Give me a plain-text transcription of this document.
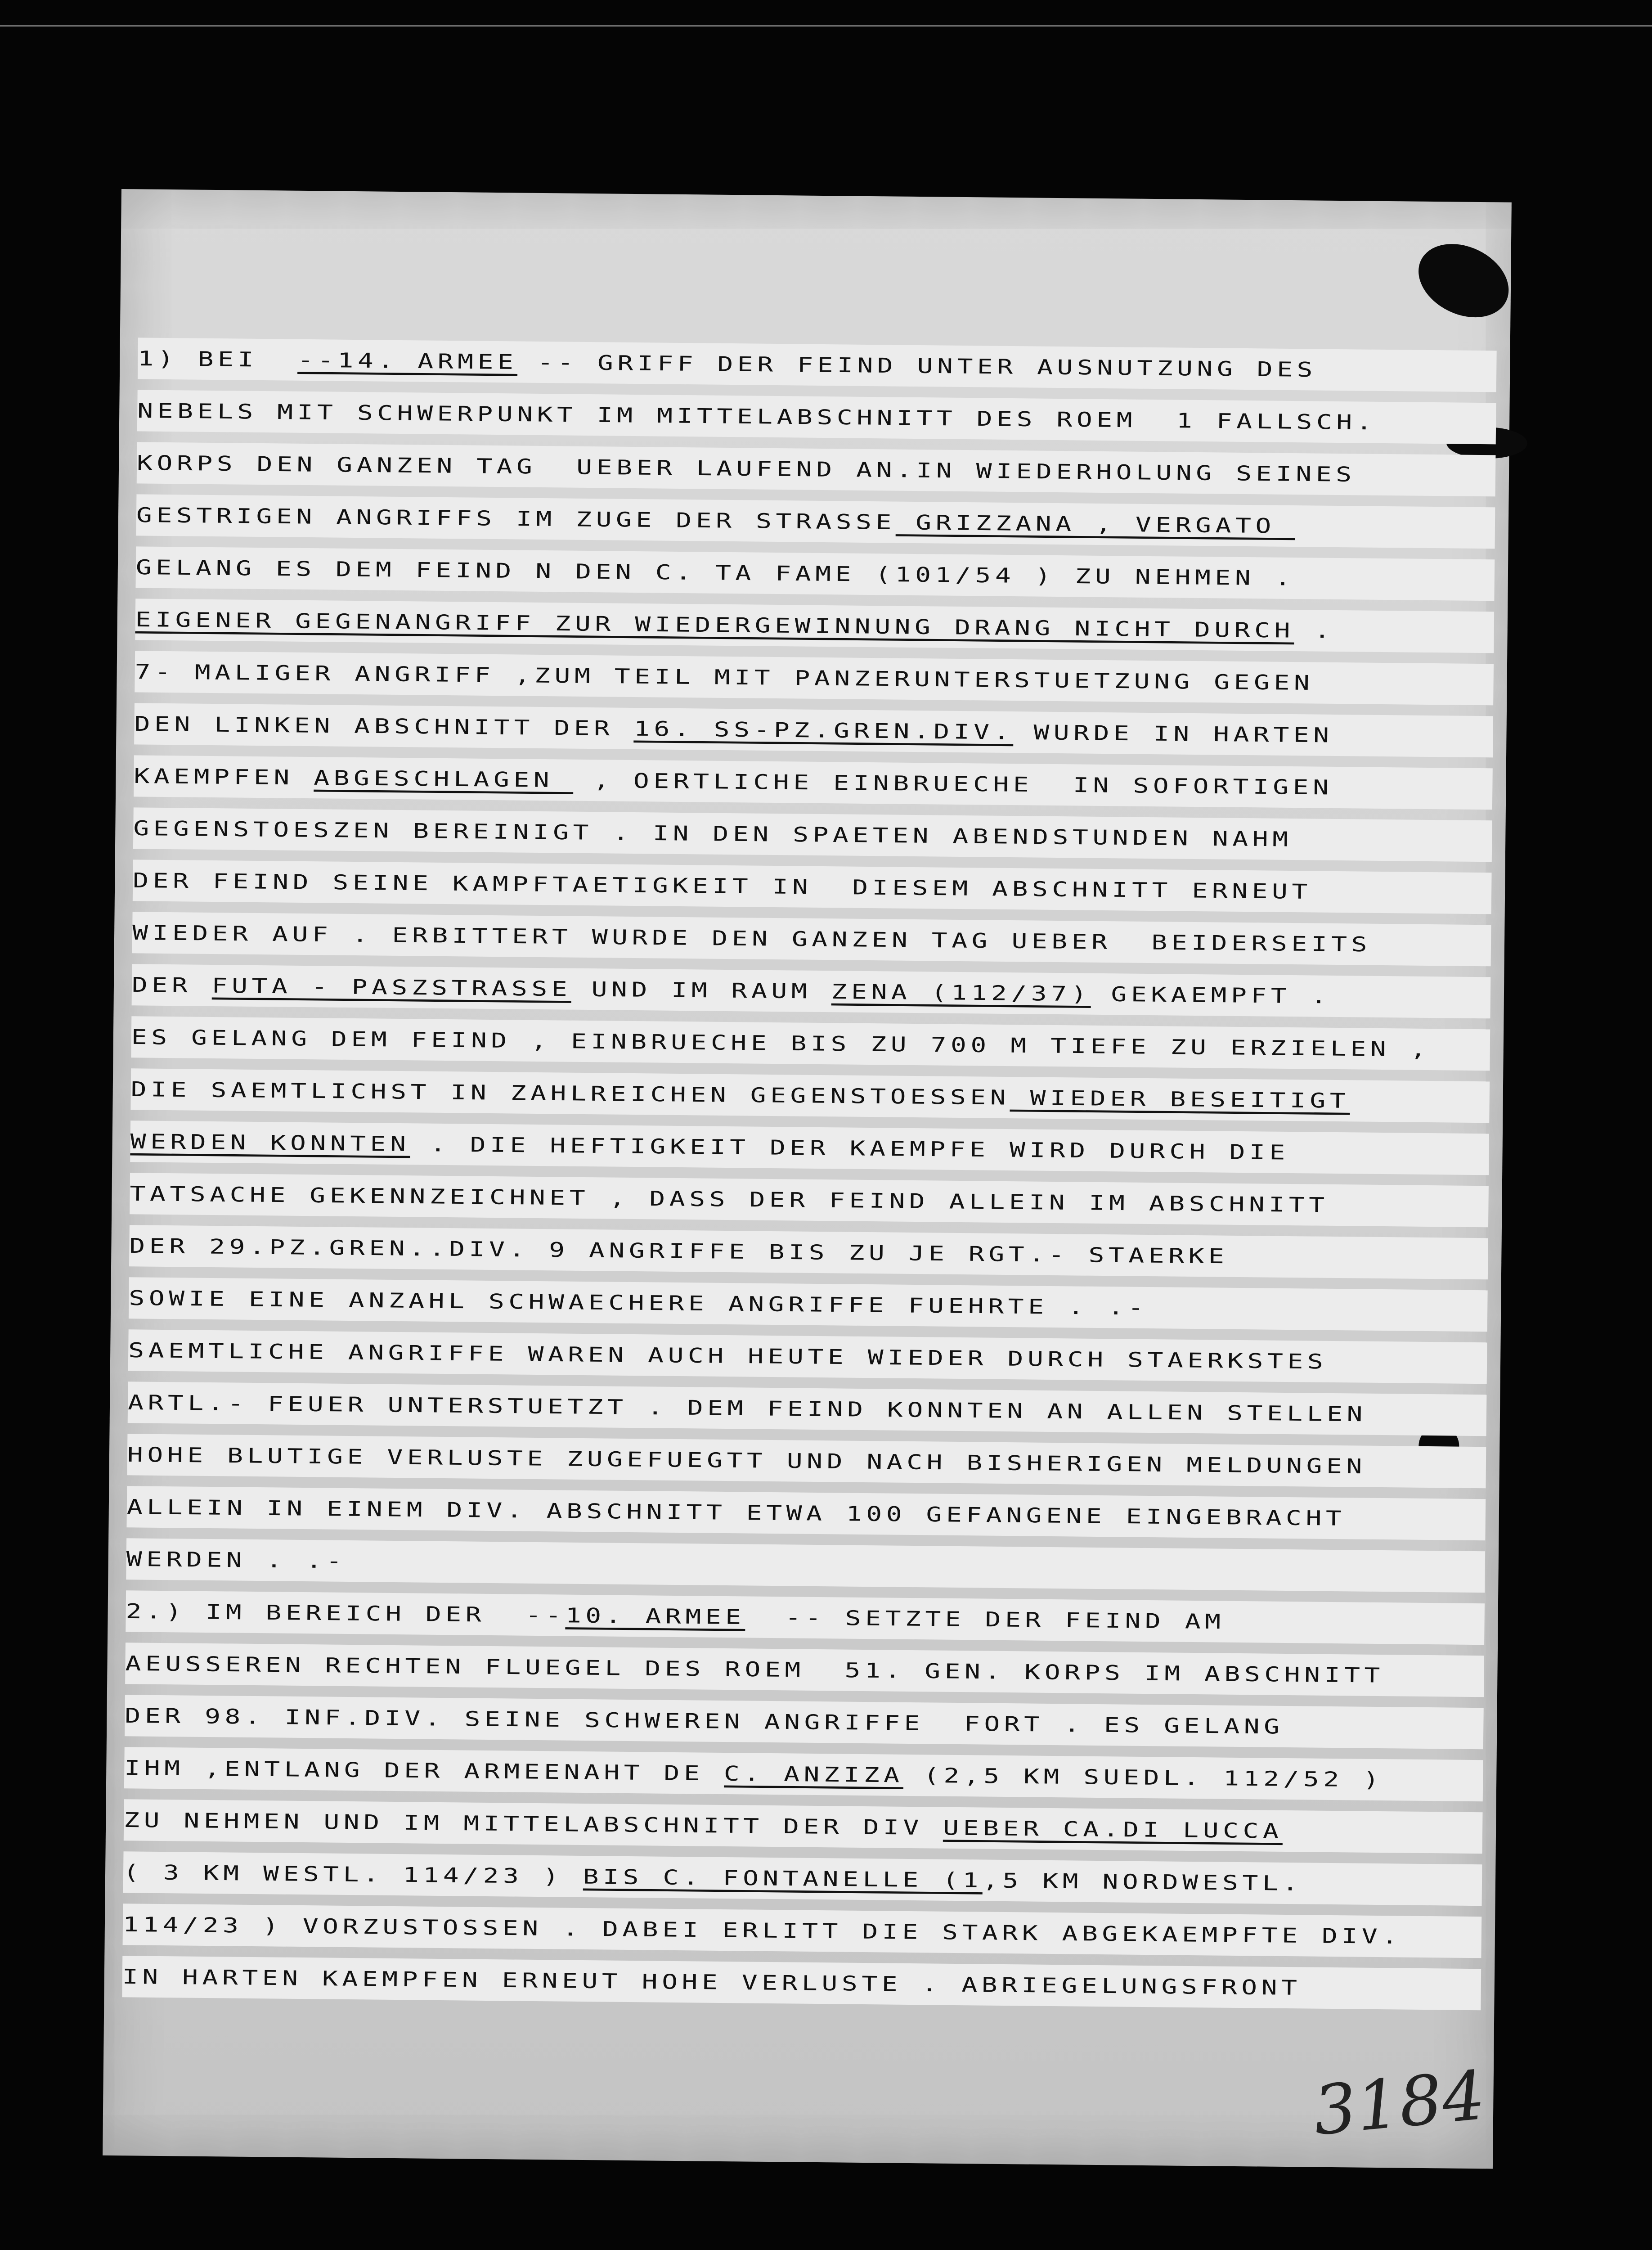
1) BEI  --14. ARMEE -- GRIFF DER FEIND UNTER AUSNUTZUNG DES
NEBELS MIT SCHWERPUNKT IM MITTELABSCHNITT DES ROEM  1 FALLSCH.
KORPS DEN GANZEN TAG  UEBER LAUFEND AN.IN WIEDERHOLUNG SEINES
GESTRIGEN ANGRIFFS IM ZUGE DER STRASSE GRIZZANA , VERGATO
GELANG ES DEM FEIND N DEN C. TA FAME (101/54 ) ZU NEHMEN .
EIGENER GEGENANGRIFF ZUR WIEDERGEWINNUNG DRANG NICHT DURCH .
7- MALIGER ANGRIFF ,ZUM TEIL MIT PANZERUNTERSTUETZUNG GEGEN
DEN LINKEN ABSCHNITT DER 16. SS-PZ.GREN.DIV. WURDE IN HARTEN
KAEMPFEN ABGESCHLAGEN  , OERTLICHE EINBRUECHE  IN SOFORTIGEN
GEGENSTOESZEN BEREINIGT . IN DEN SPAETEN ABENDSTUNDEN NAHM
DER FEIND SEINE KAMPFTAETIGKEIT IN  DIESEM ABSCHNITT ERNEUT
WIEDER AUF . ERBITTERT WURDE DEN GANZEN TAG UEBER  BEIDERSEITS
DER FUTA - PASZSTRASSE UND IM RAUM ZENA (112/37) GEKAEMPFT .
ES GELANG DEM FEIND , EINBRUECHE BIS ZU 700 M TIEFE ZU ERZIELEN ,
DIE SAEMTLICHST IN ZAHLREICHEN GEGENSTOESSEN WIEDER BESEITIGT
WERDEN KONNTEN . DIE HEFTIGKEIT DER KAEMPFE WIRD DURCH DIE
TATSACHE GEKENNZEICHNET , DASS DER FEIND ALLEIN IM ABSCHNITT
DER 29.PZ.GREN..DIV. 9 ANGRIFFE BIS ZU JE RGT.- STAERKE
SOWIE EINE ANZAHL SCHWAECHERE ANGRIFFE FUEHRTE . .-
SAEMTLICHE ANGRIFFE WAREN AUCH HEUTE WIEDER DURCH STAERKSTES
ARTL.- FEUER UNTERSTUETZT . DEM FEIND KONNTEN AN ALLEN STELLEN
HOHE BLUTIGE VERLUSTE ZUGEFUEGTT UND NACH BISHERIGEN MELDUNGEN
ALLEIN IN EINEM DIV. ABSCHNITT ETWA 100 GEFANGENE EINGEBRACHT
WERDEN . .-
2.) IM BEREICH DER  --10. ARMEE  -- SETZTE DER FEIND AM
AEUSSEREN RECHTEN FLUEGEL DES ROEM  51. GEN. KORPS IM ABSCHNITT
DER 98. INF.DIV. SEINE SCHWEREN ANGRIFFE  FORT . ES GELANG
IHM ,ENTLANG DER ARMEENAHT DE C. ANZIZA (2,5 KM SUEDL. 112/52 )
ZU NEHMEN UND IM MITTELABSCHNITT DER DIV UEBER CA.DI LUCCA
( 3 KM WESTL. 114/23 ) BIS C. FONTANELLE (1,5 KM NORDWESTL.
114/23 ) VORZUSTOSSEN . DABEI ERLITT DIE STARK ABGEKAEMPFTE DIV.
IN HARTEN KAEMPFEN ERNEUT HOHE VERLUSTE . ABRIEGELUNGSFRONT
3184
